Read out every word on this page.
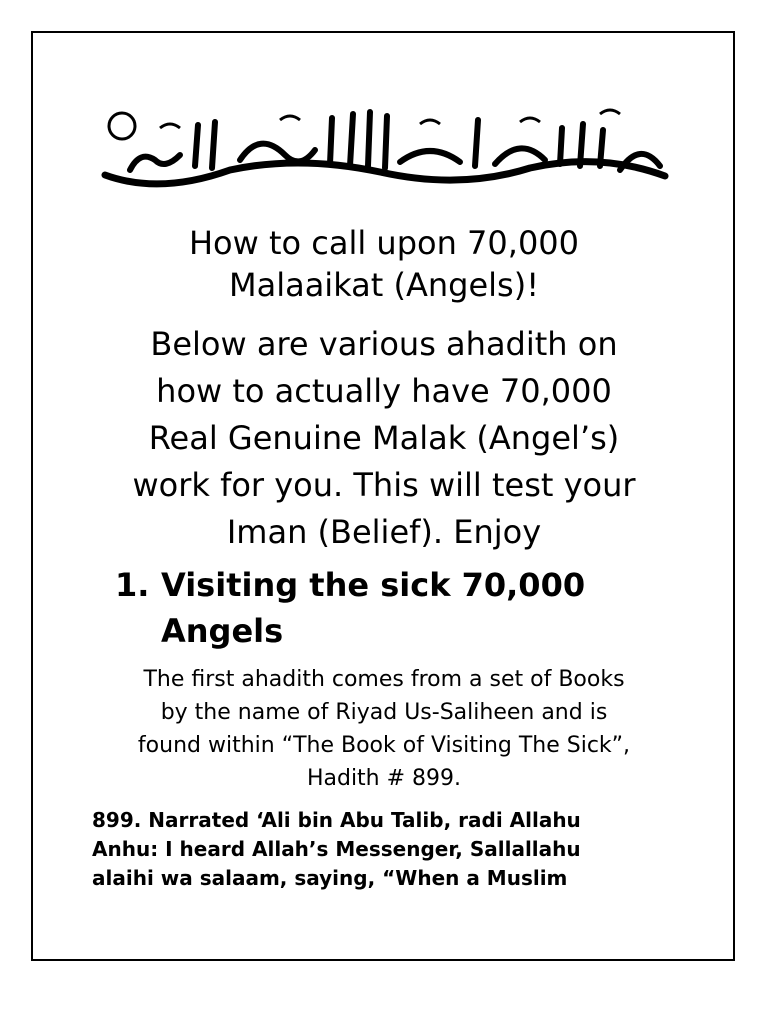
How to call upon 70,000
Malaaikat (Angels)!

Below are various ahadith on
how to actually have 70,000
Real Genuine Malak (Angel’s)
work for you. This will test your
Iman (Belief). Enjoy

1. Visiting the sick 70,000
Angels

The first ahadith comes from a set of Books
by the name of Riyad Us-Saliheen and is
found within “The Book of Visiting The Sick”,
Hadith # 899.

899. Narrated ‘Ali bin Abu Talib, radi Allahu
Anhu: I heard Allah’s Messenger, Sallallahu
alaihi wa salaam, saying, “When a Muslim
